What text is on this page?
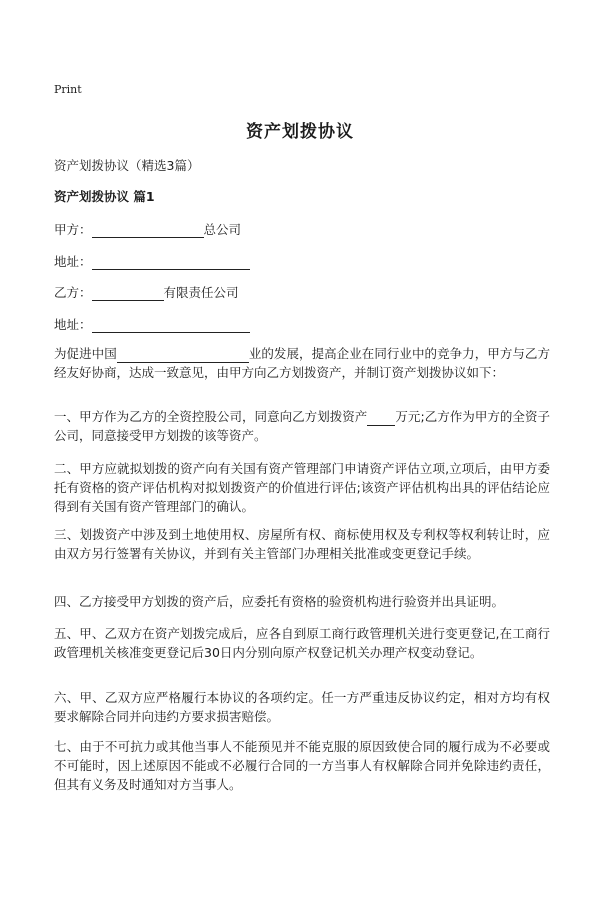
Print
资产划拨协议
资产划拨协议（精选3篇）
资产划拨协议 篇1
甲方：	总公司
地址：
乙方：	有限责任公司
地址：
为促进中国	业的发展，提高企业在同行业中的竞争力，甲方与乙方经友好协商，达成一致意见，由甲方向乙方划拨资产，并制订资产划拨协议如下：
一、甲方作为乙方的全资控股公司，同意向乙方划拨资产 万元;乙方作为甲方的全资子公司，同意接受甲方划拨的该等资产。
二、甲方应就拟划拨的资产向有关国有资产管理部门申请资产评估立项,立项后，由甲方委托有资格的资产评估机构对拟划拨资产的价值进行评估;该资产评估机构出具的评估结论应得到有关国有资产管理部门的确认。
三、划拨资产中涉及到土地使用权、房屋所有权、商标使用权及专利权等权利转让时，应由双方另行签署有关协议，并到有关主管部门办理相关批准或变更登记手续。
四、乙方接受甲方划拨的资产后，应委托有资格的验资机构进行验资并出具证明。
五、甲、乙双方在资产划拨完成后，应各自到原工商行政管理机关进行变更登记,在工商行政管理机关核准变更登记后30日内分别向原产权登记机关办理产权变动登记。
六、甲、乙双方应严格履行本协议的各项约定。任一方严重违反协议约定，相对方均有权要求解除合同并向违约方要求损害赔偿。
七、由于不可抗力或其他当事人不能预见并不能克服的原因致使合同的履行成为不必要或不可能时，因上述原因不能或不必履行合同的一方当事人有权解除合同并免除违约责任，但其有义务及时通知对方当事人。
